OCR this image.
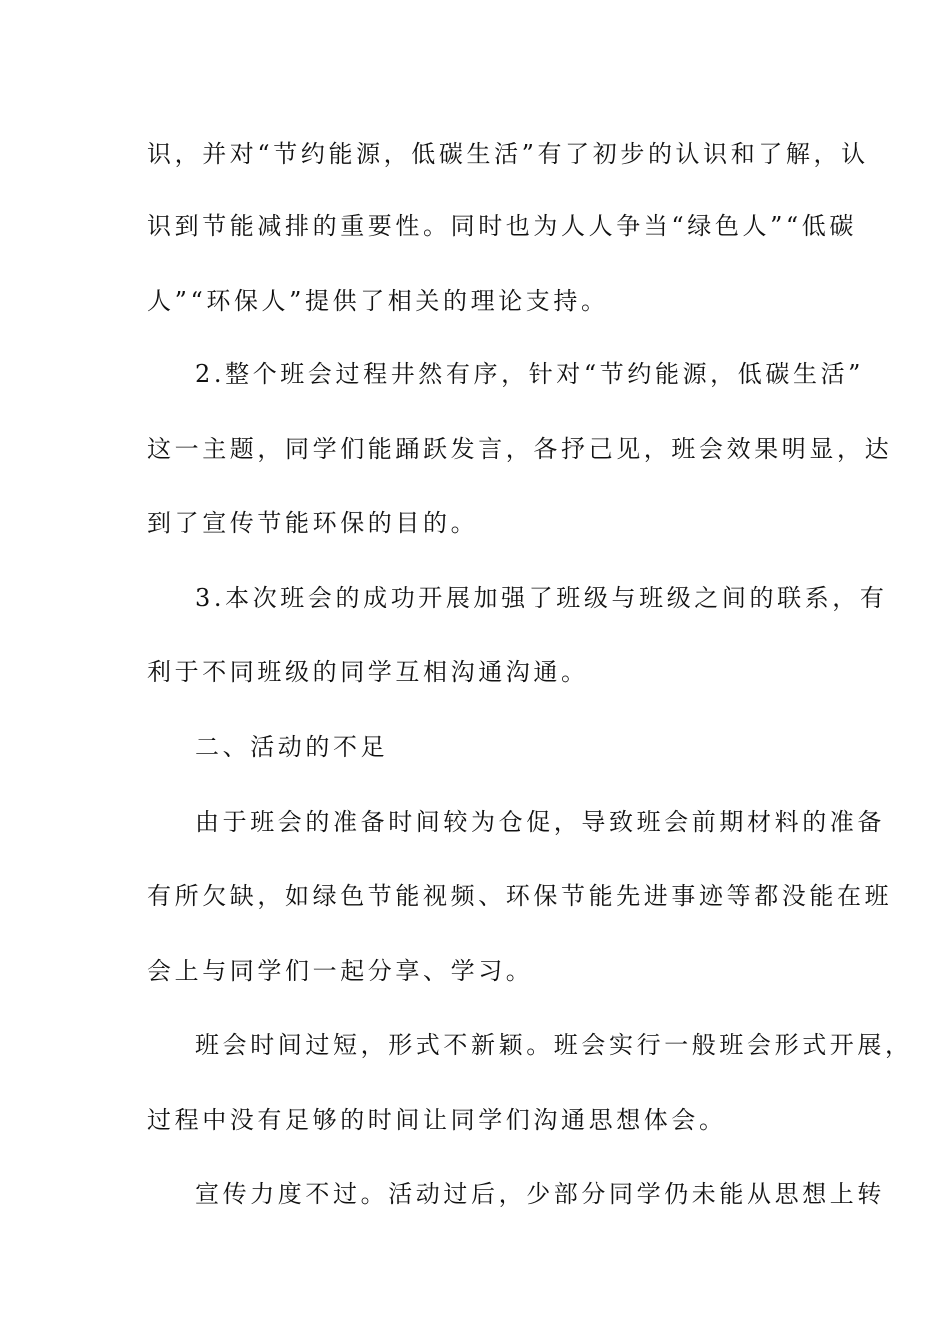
识，并对“节约能源，低碳生活”有了初步的认识和了解，认
识到节能减排的重要性。同时也为人人争当“绿色人”“低碳
人”“环保人”提供了相关的理论支持。
2.整个班会过程井然有序，针对“节约能源，低碳生活”
这一主题，同学们能踊跃发言，各抒己见，班会效果明显，达
到了宣传节能环保的目的。
3.本次班会的成功开展加强了班级与班级之间的联系，有
利于不同班级的同学互相沟通沟通。
二、活动的不足
由于班会的准备时间较为仓促，导致班会前期材料的准备
有所欠缺，如绿色节能视频、环保节能先进事迹等都没能在班
会上与同学们一起分享、学习。
班会时间过短，形式不新颖。班会实行一般班会形式开展，
过程中没有足够的时间让同学们沟通思想体会。
宣传力度不过。活动过后，少部分同学仍未能从思想上转
